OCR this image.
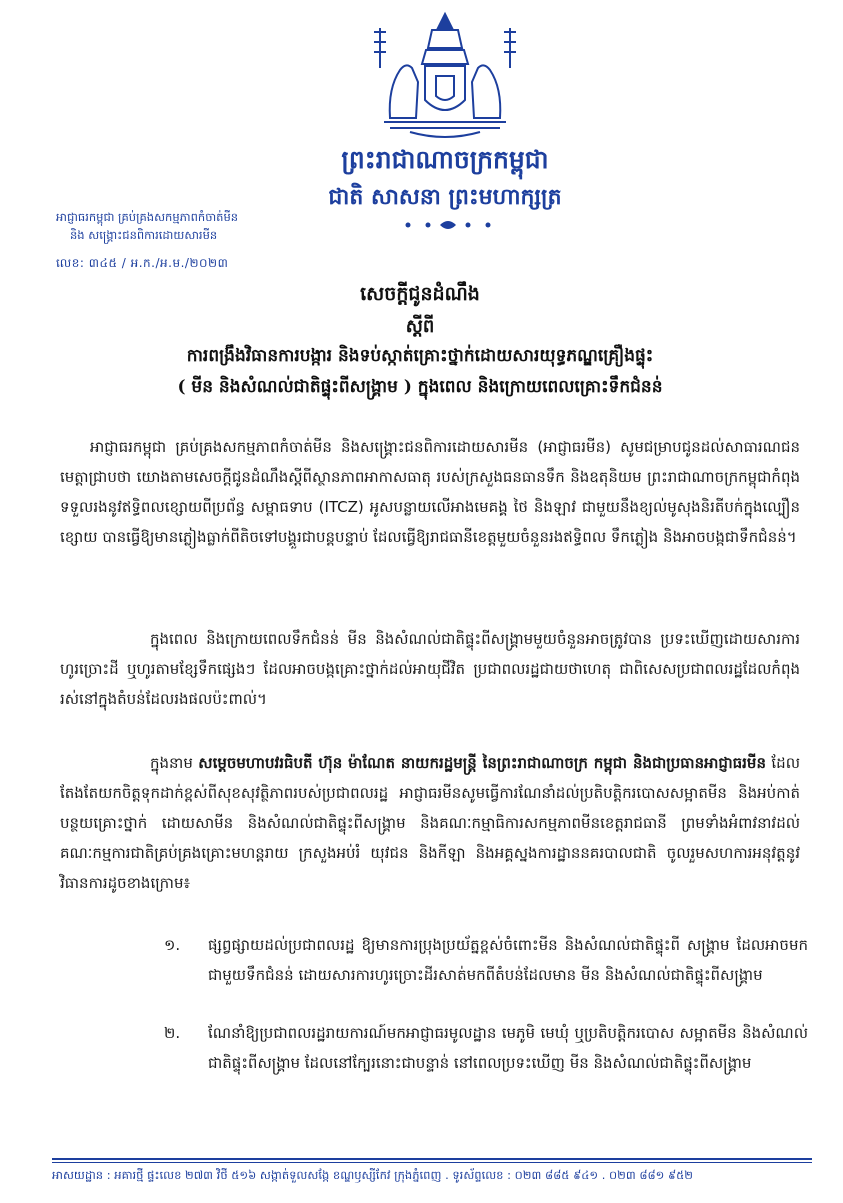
ព្រះរាជាណាចក្រកម្ពុជា
ជាតិ សាសនា ព្រះមហាក្សត្រ
អាជ្ញាធរកម្ពុជា គ្រប់គ្រងសកម្មភាពកំចាត់មីន
និង សង្គ្រោះជនពិការដោយសារមីន
លេខ: ៣៤៥ / អ.ក./អ.ម./២០២៣
សេចក្តីជូនដំណឹង
ស្តីពី
ការពង្រឹងវិធានការបង្ការ និងទប់ស្កាត់គ្រោះថ្នាក់ដោយសារយុទ្ធភណ្ឌគ្រឿងផ្ទុះ
( មីន និងសំណល់ជាតិផ្ទុះពីសង្គ្រាម ) ក្នុងពេល និងក្រោយពេលគ្រោះទឹកជំនន់
អាជ្ញាធរកម្ពុជា គ្រប់គ្រងសកម្មភាពកំចាត់មីន និងសង្គ្រោះជនពិការដោយសារមីន (អាជ្ញាធរមីន) សូមជម្រាបជូនដល់សាធារណជនមេត្តាជ្រាបថា យោងតាមសេចក្តីជូនដំណឹងស្តីពីស្ថានភាពអាកាសធាតុ របស់ក្រសួងធនធានទឹក និងឧតុនិយម ព្រះរាជាណាចក្រកម្ពុជាកំពុងទទួលរងនូវឥទ្ធិពលខ្សោយពីប្រព័ន្ធ សម្ពាធទាប (ITCZ) អូសបន្លាយលើអាងមេគង្គ ថៃ និងឡាវ ជាមួយនឹងខ្យល់មូសុងនិរតីបក់ក្នុងល្បឿន ខ្សោយ បានធ្វើឱ្យមានភ្លៀងធ្លាក់ពីតិចទៅបង្គួរជាបន្តបន្ទាប់ ដែលធ្វើឱ្យរាជធានីខេត្តមួយចំនួនរងឥទ្ធិពល ទឹកភ្លៀង និងអាចបង្កជាទឹកជំនន់។
ក្នុងពេល និងក្រោយពេលទឹកជំនន់ មីន និងសំណល់ជាតិផ្ទុះពីសង្គ្រាមមួយចំនួនអាចត្រូវបាន ប្រទះឃើញដោយសារការហូរច្រោះដី ឬហូរតាមខ្សែទឹកផ្សេងៗ ដែលអាចបង្កគ្រោះថ្នាក់ដល់អាយុជីវិត ប្រជាពលរដ្ឋជាយថាហេតុ ជាពិសេសប្រជាពលរដ្ឋដែលកំពុងរស់នៅក្នុងតំបន់ដែលរងផលប៉ះពាល់។
ក្នុងនាម សម្តេចមហាបវរធិបតី ហ៊ុន ម៉ាណែត នាយករដ្ឋមន្ត្រី នៃព្រះរាជាណាចក្រ កម្ពុជា និងជាប្រធានអាជ្ញាធរមីន ដែលតែងតែយកចិត្តទុកដាក់ខ្ពស់ពីសុខសុវត្ថិភាពរបស់ប្រជាពលរដ្ឋ អាជ្ញាធរមីនសូមធ្វើការណែនាំដល់ប្រតិបត្តិករបោសសម្អាតមីន និងអប់កាត់បន្ថយគ្រោះថ្នាក់ ដោយសាមីន និងសំណល់ជាតិផ្ទុះពីសង្គ្រាម និងគណៈកម្មាធិការសកម្មភាពមីនខេត្តរាជធានី ព្រមទាំងអំពាវនាវដល់ គណៈកម្មការជាតិគ្រប់គ្រងគ្រោះមហន្តរាយ ក្រសួងអប់រំ យុវជន និងកីឡា និងអគ្គស្នងការដ្ឋាននគរបាលជាតិ ចូលរួមសហការអនុវត្តនូវវិធានការដូចខាងក្រោម៖
១.	ផ្សព្វផ្សាយដល់ប្រជាពលរដ្ឋ ឱ្យមានការប្រុងប្រយ័ត្នខ្ពស់ចំពោះមីន និងសំណល់ជាតិផ្ទុះពី សង្គ្រាម ដែលអាចមកជាមួយទឹកជំនន់ ដោយសារការហូរច្រោះដីរសាត់មកពីតំបន់ដែលមាន មីន និងសំណល់ជាតិផ្ទុះពីសង្គ្រាម
២.	ណែនាំឱ្យប្រជាពលរដ្ឋរាយការណ៍មកអាជ្ញាធរមូលដ្ឋាន មេភូមិ មេឃុំ ឬប្រតិបត្តិករបោស សម្អាតមីន និងសំណល់ជាតិផ្ទុះពីសង្គ្រាម ដែលនៅក្បែរនោះជាបន្ទាន់ នៅពេលប្រទះឃើញ មីន និងសំណល់ជាតិផ្ទុះពីសង្គ្រាម
អាសយដ្ឋាន : អគារថ្មី ផ្ទះលេខ ២៧៣ វិថី ៥១៦ សង្កាត់ទួលសង្កែ ខណ្ឌឫស្សីកែវ ក្រុងភ្នំពេញ . ទូរស័ព្ទលេខ : ០២៣ ៨៨៥ ៩៤១ . ០២៣ ៨៨១ ៩៥២
